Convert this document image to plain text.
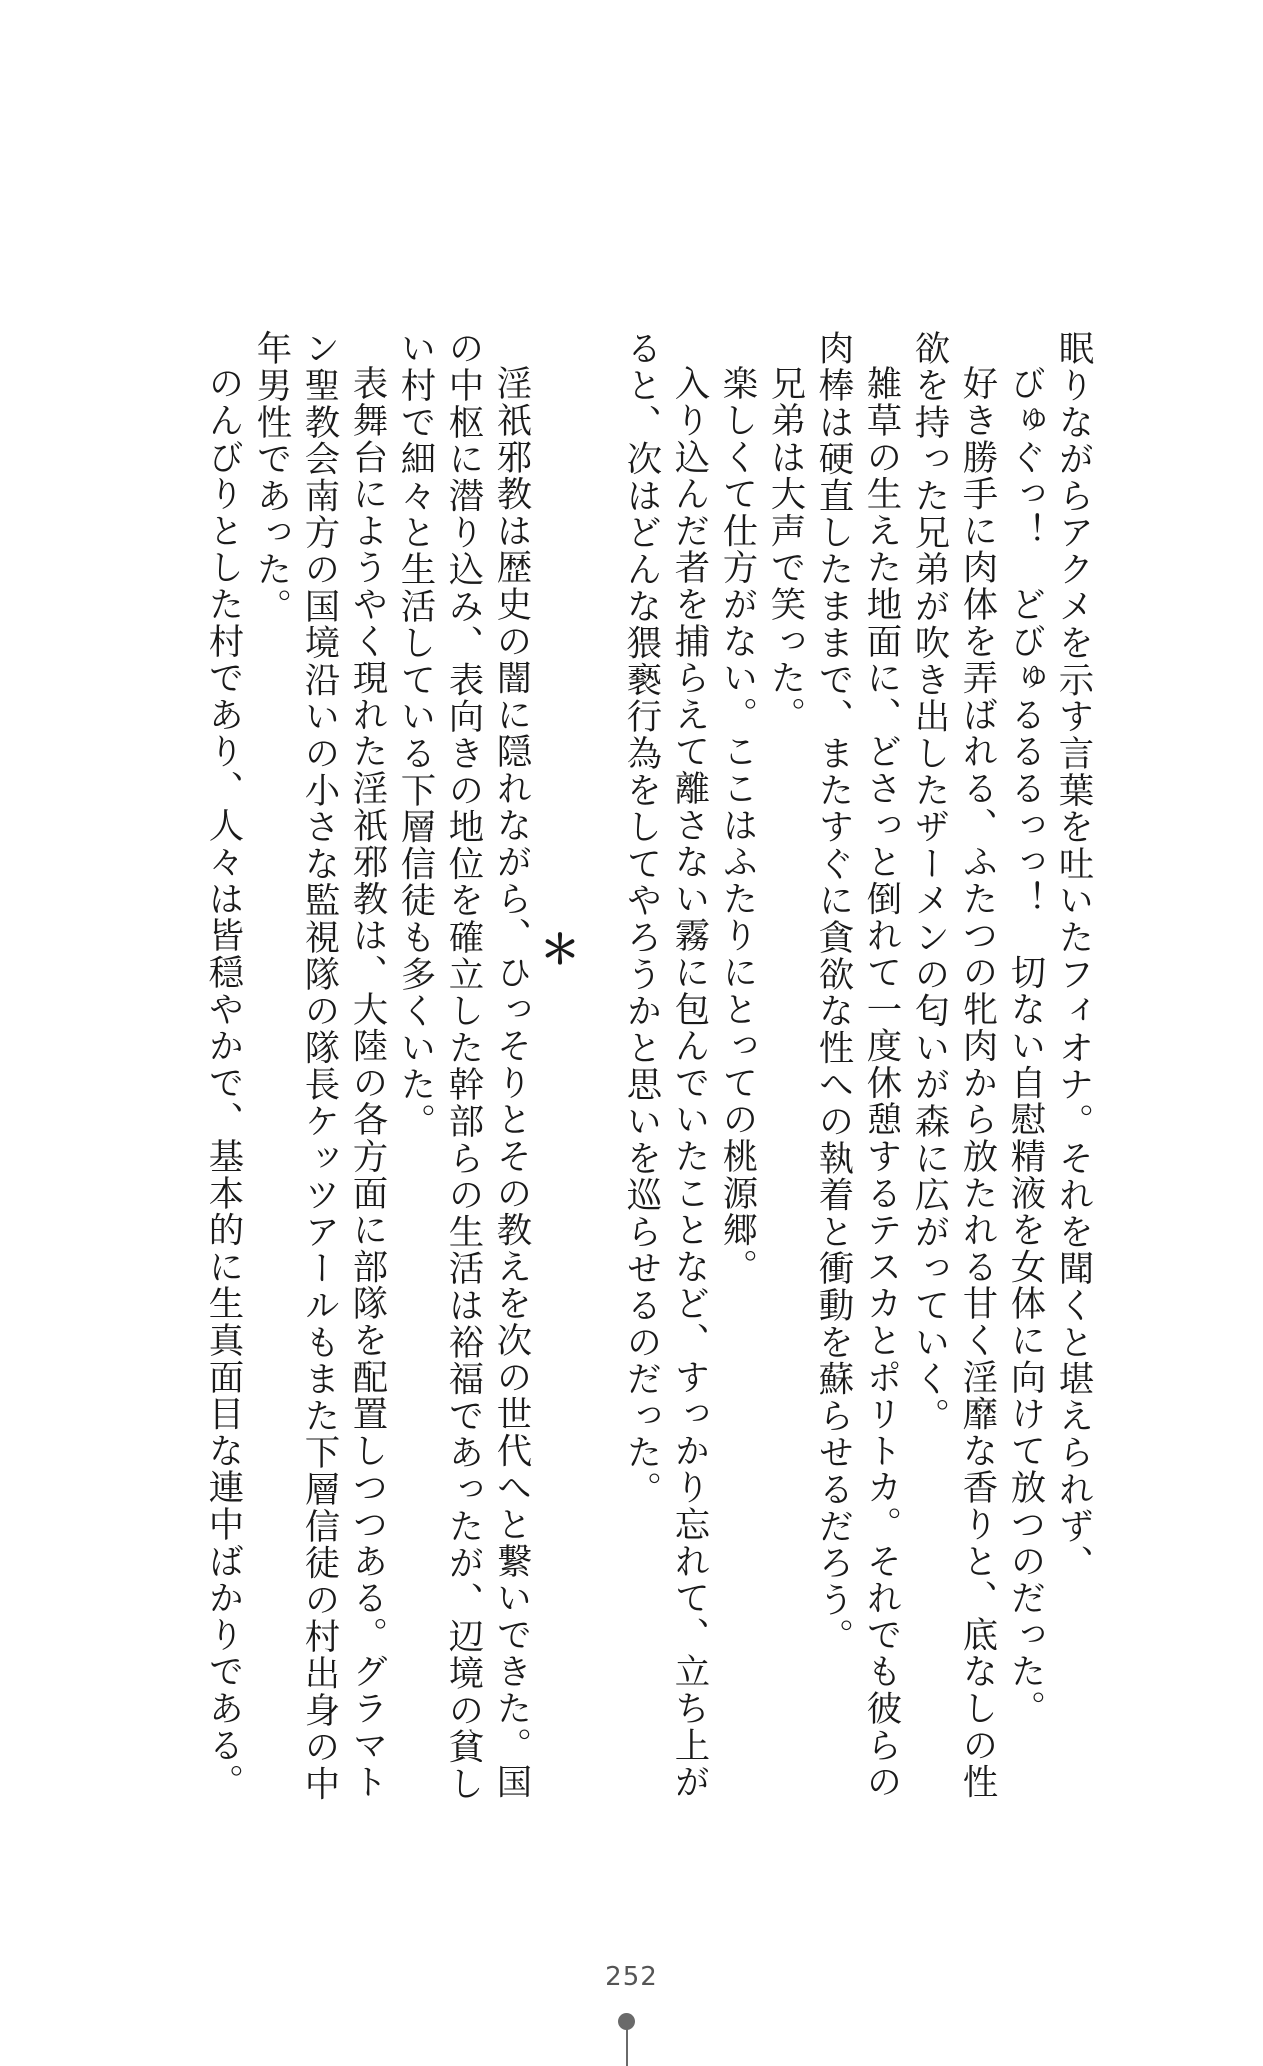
眠りながらアクメを示す言葉を吐いたフィオナ。それを聞くと堪えられず、
びゅぐっ！　どびゅるるるっっ！　切ない自慰精液を女体に向けて放つのだった。
好き勝手に肉体を弄ばれる、ふたつの牝肉から放たれる甘く淫靡な香りと、底なしの性
欲を持った兄弟が吹き出したザーメンの匂いが森に広がっていく。
雑草の生えた地面に、どさっと倒れて一度休憩するテスカとポリトカ。それでも彼らの
肉棒は硬直したままで、またすぐに貪欲な性への執着と衝動を蘇らせるだろう。
兄弟は大声で笑った。
楽しくて仕方がない。ここはふたりにとっての桃源郷。
入り込んだ者を捕らえて離さない霧に包んでいたことなど、すっかり忘れて、立ち上が
ると、次はどんな猥褻行為をしてやろうかと思いを巡らせるのだった。
＊
淫祇邪教は歴史の闇に隠れながら、ひっそりとその教えを次の世代へと繋いできた。国
の中枢に潜り込み、表向きの地位を確立した幹部らの生活は裕福であったが、辺境の貧し
い村で細々と生活している下層信徒も多くいた。
表舞台にようやく現れた淫祇邪教は、大陸の各方面に部隊を配置しつつある。グラマト
ン聖教会南方の国境沿いの小さな監視隊の隊長ケッツアールもまた下層信徒の村出身の中
年男性であった。
のんびりとした村であり、人々は皆穏やかで、基本的に生真面目な連中ばかりである。
252
